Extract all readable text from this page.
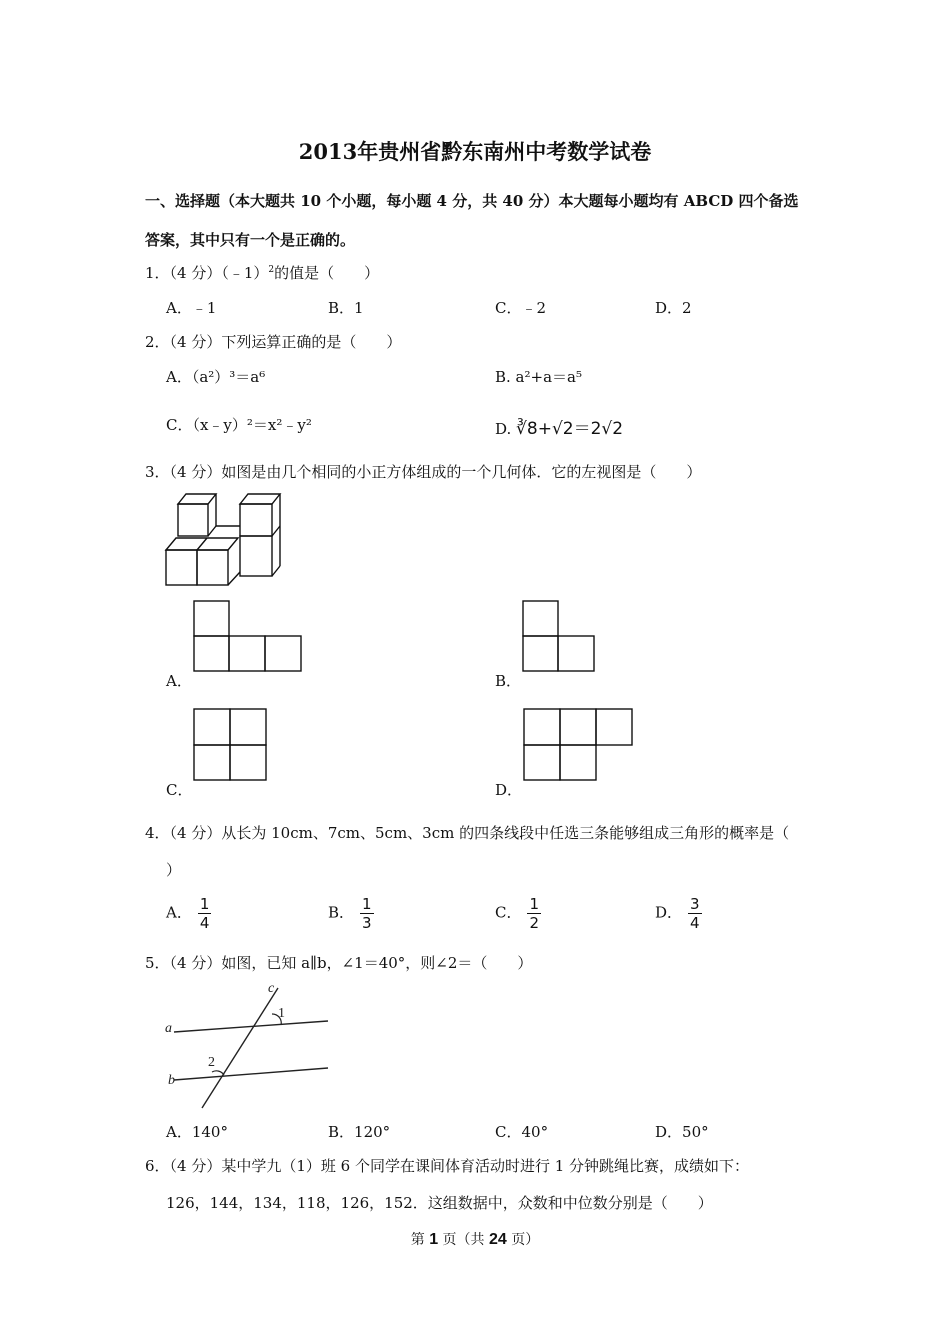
2013年贵州省黔东南州中考数学试卷
一、选择题（本大题共 10 个小题，每小题 4 分，共 40 分）本大题每小题均有 ABCD 四个备选
答案，其中只有一个是正确的。
1．（4 分）（﹣1）$^2$的值是（　　）
A．﹣1	B．1	C．﹣2	D．2
2．（4 分）下列运算正确的是（　　）
A．（a²）³＝a⁶	B. a²+a＝a⁵
C．（x﹣y）²＝x²﹣y²	D. ∛8+√2＝2√2
3．（4 分）如图是由几个相同的小正方体组成的一个几何体．它的左视图是（　　）
A．	B．
C．	D．
4．（4 分）从长为 10cm、7cm、5cm、3cm 的四条线段中任选三条能够组成三角形的概率是（
）
A． $\frac{1}{4}$	B． $\frac{1}{3}$	C． $\frac{1}{2}$	D． $\frac{3}{4}$
5．（4 分）如图，已知 a∥b，∠1＝40°，则∠2＝（　　）
c
a
b
1
2
A．140°	B．120°	C．40°	D．50°
6．（4 分）某中学九（1）班 6 个同学在课间体育活动时进行 1 分钟跳绳比赛，成绩如下：
126，144，134，118，126，152．这组数据中，众数和中位数分别是（　　）
第 1 页（共 24 页）
